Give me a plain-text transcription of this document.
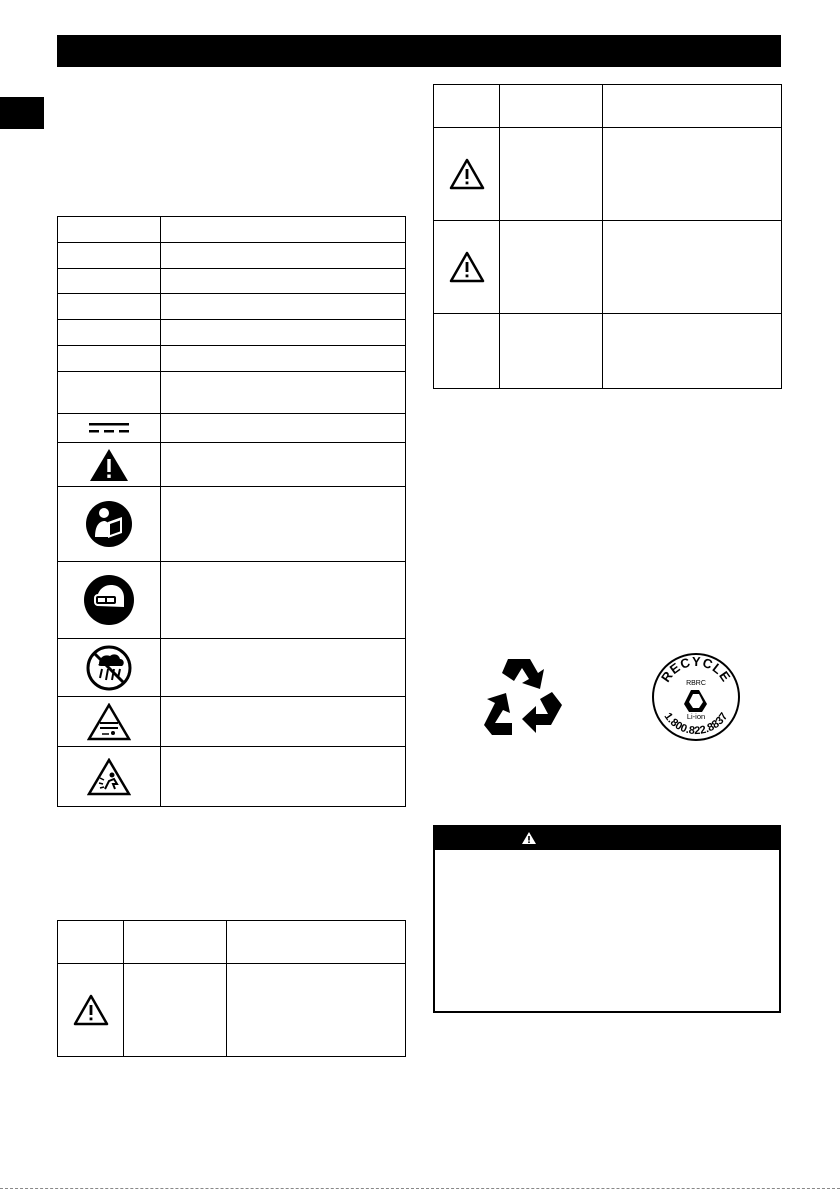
RECYCLE
1.800.822.8837
RBRC
Li-ion
